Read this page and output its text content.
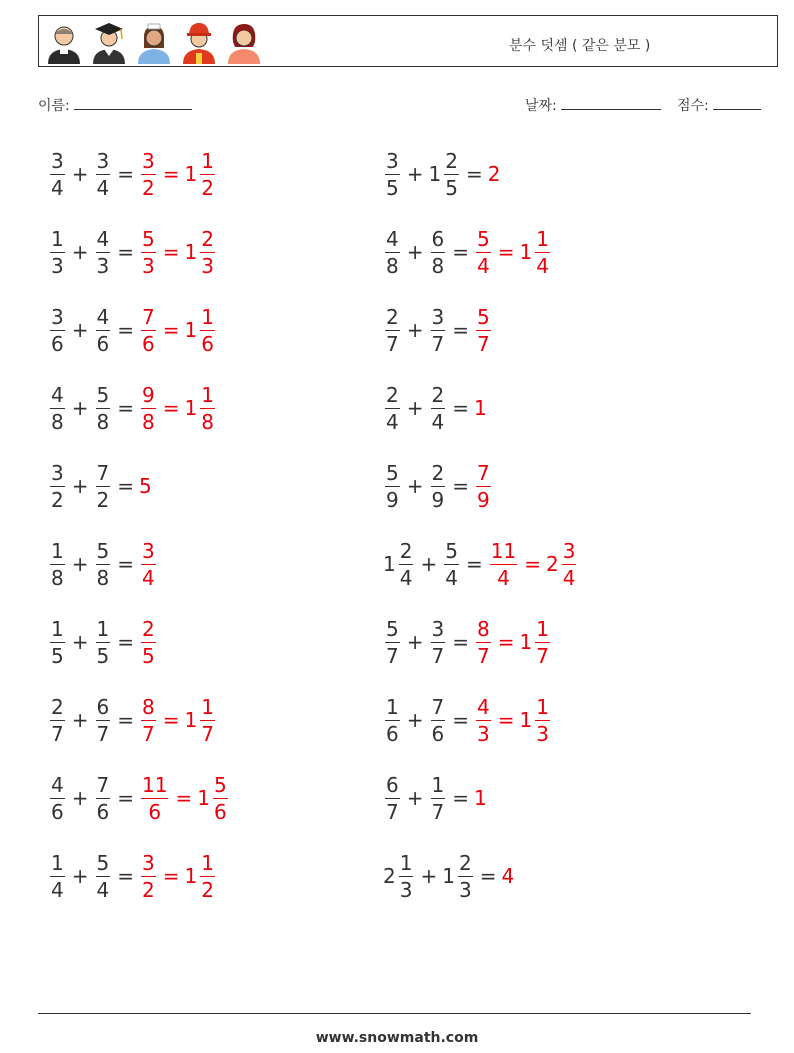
분수 덧셈 ( 같은 분모 )
이름:	날짜:	점수:
$\frac{3}{4} + \frac{3}{4} = \frac{3}{2} = 1 \frac{1}{2}$	$\frac{3}{5} + 1 \frac{2}{5} = 2$
$\frac{1}{3} + \frac{4}{3} = \frac{5}{3} = 1 \frac{2}{3}$	$\frac{4}{8} + \frac{6}{8} = \frac{5}{4} = 1 \frac{1}{4}$
$\frac{3}{6} + \frac{4}{6} = \frac{7}{6} = 1 \frac{1}{6}$	$\frac{2}{7} + \frac{3}{7} = \frac{5}{7}$
$\frac{4}{8} + \frac{5}{8} = \frac{9}{8} = 1 \frac{1}{8}$	$\frac{2}{4} + \frac{2}{4} = 1$
$\frac{3}{2} + \frac{7}{2} = 5$	$\frac{5}{9} + \frac{2}{9} = \frac{7}{9}$
$\frac{1}{8} + \frac{5}{8} = \frac{3}{4}$	$1 \frac{2}{4} + \frac{5}{4} = \frac{11}{4} = 2 \frac{3}{4}$
$\frac{1}{5} + \frac{1}{5} = \frac{2}{5}$	$\frac{5}{7} + \frac{3}{7} = \frac{8}{7} = 1 \frac{1}{7}$
$\frac{2}{7} + \frac{6}{7} = \frac{8}{7} = 1 \frac{1}{7}$	$\frac{1}{6} + \frac{7}{6} = \frac{4}{3} = 1 \frac{1}{3}$
$\frac{4}{6} + \frac{7}{6} = \frac{11}{6} = 1 \frac{5}{6}$	$\frac{6}{7} + \frac{1}{7} = 1$
$\frac{1}{4} + \frac{5}{4} = \frac{3}{2} = 1 \frac{1}{2}$	$2 \frac{1}{3} + 1 \frac{2}{3} = 4$
www.snowmath.com
